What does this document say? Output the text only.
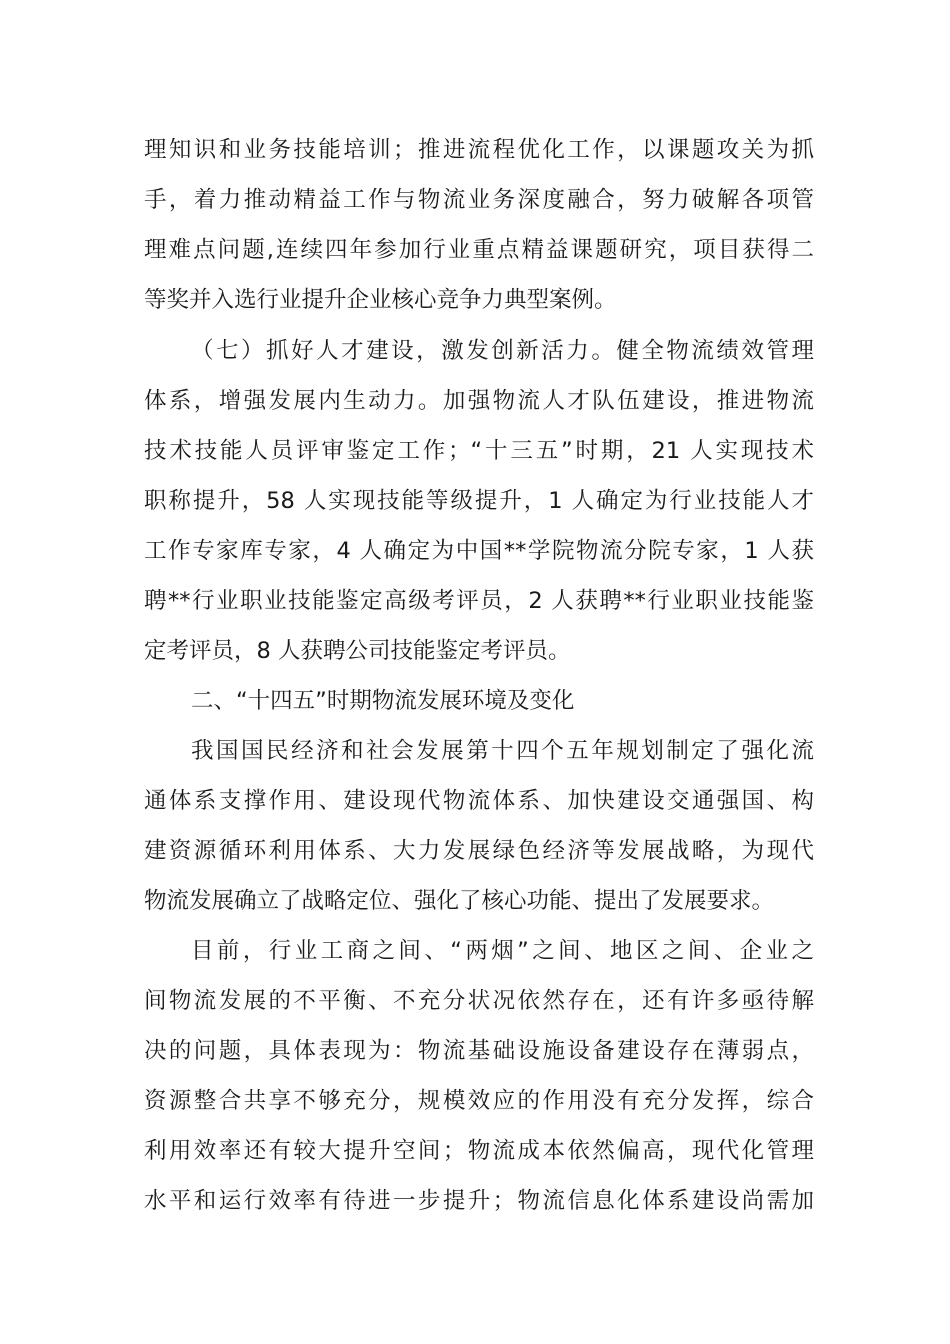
理知识和业务技能培训；推进流程优化工作，以课题攻关为抓
手，着力推动精益工作与物流业务深度融合，努力破解各项管
理难点问题,连续四年参加行业重点精益课题研究，项目获得二
等奖并入选行业提升企业核心竞争力典型案例。
（七）抓好人才建设，激发创新活力。健全物流绩效管理
体系，增强发展内生动力。加强物流人才队伍建设，推进物流
技术技能人员评审鉴定工作；“十三五”时期，21 人实现技术
职称提升，58 人实现技能等级提升，1 人确定为行业技能人才
工作专家库专家，4 人确定为中国**学院物流分院专家，1 人获
聘**行业职业技能鉴定高级考评员，2 人获聘**行业职业技能鉴
定考评员，8 人获聘公司技能鉴定考评员。
二、“十四五”时期物流发展环境及变化
我国国民经济和社会发展第十四个五年规划制定了强化流
通体系支撑作用、建设现代物流体系、加快建设交通强国、构
建资源循环利用体系、大力发展绿色经济等发展战略，为现代
物流发展确立了战略定位、强化了核心功能、提出了发展要求。
目前，行业工商之间、“两烟”之间、地区之间、企业之
间物流发展的不平衡、不充分状况依然存在，还有许多亟待解
决的问题，具体表现为：物流基础设施设备建设存在薄弱点，
资源整合共享不够充分，规模效应的作用没有充分发挥，综合
利用效率还有较大提升空间；物流成本依然偏高，现代化管理
水平和运行效率有待进一步提升；物流信息化体系建设尚需加
